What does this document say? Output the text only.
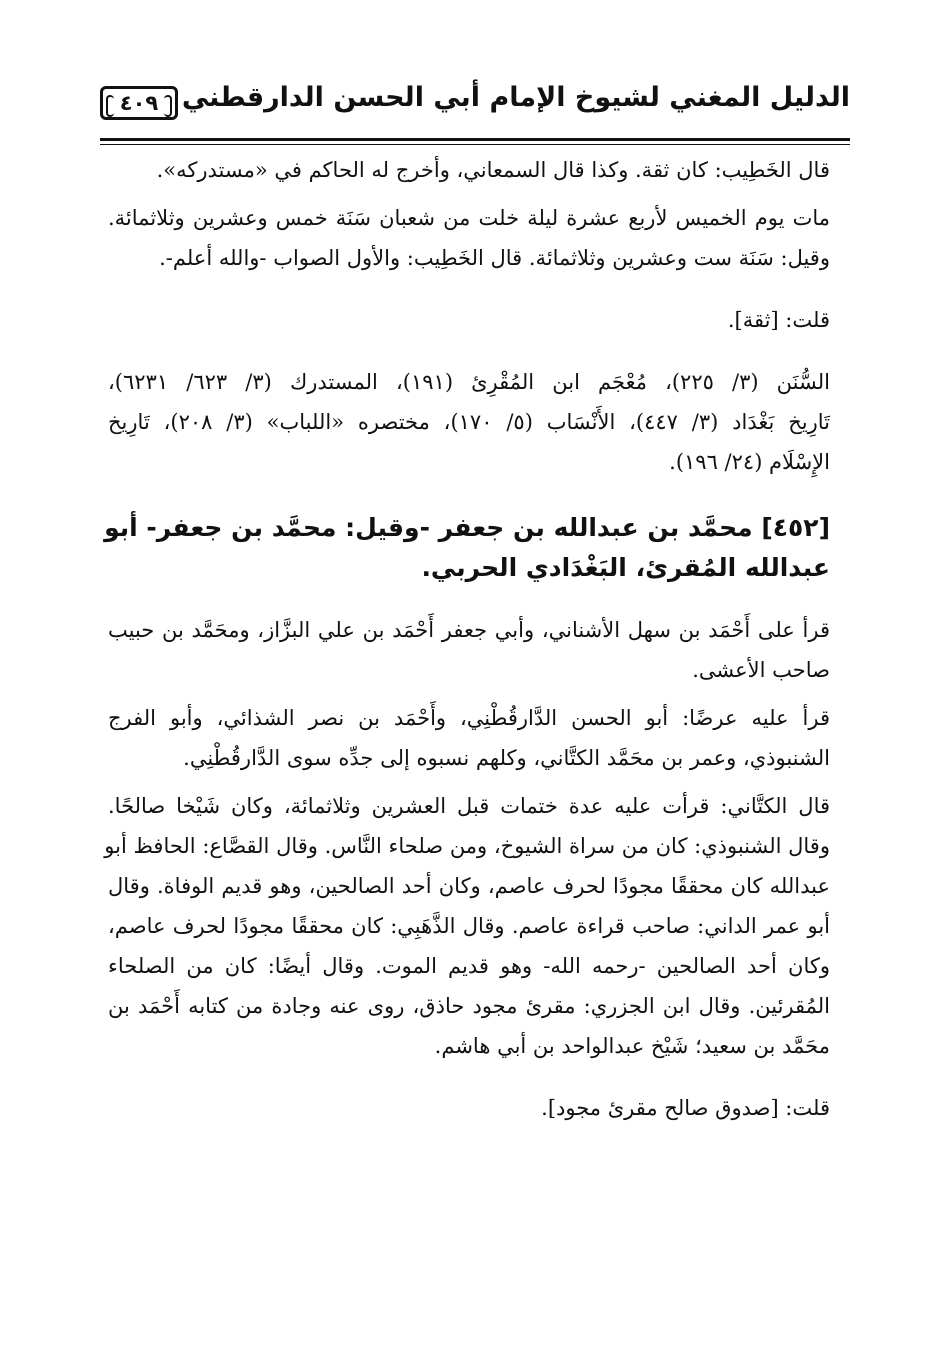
٤٠٩ الدليل المغني لشيوخ الإمام أبي الحسن الدارقطني

قال الخَطِيب: كان ثقة. وكذا قال السمعاني، وأخرج له الحاكم في «مستدركه».

مات يوم الخميس لأربع عشرة ليلة خلت من شعبان سَنَة خمس وعشرين وثلاثمائة.
وقيل: سَنَة ست وعشرين وثلاثمائة. قال الخَطِيب: والأول الصواب -والله أعلم-.

قلت: [ثقة].

السُّنَن (٣/ ٢٢٥)، مُعْجَم ابن المُقْرِئ (١٩١)، المستدرك (٣/ ٦٢٣/ ٦٢٣١)،
تَارِيخ بَغْدَاد (٣/ ٤٤٧)، الأَنْسَاب (٥/ ١٧٠)، مختصره «اللباب» (٣/ ٢٠٨)، تَارِيخ
الإِسْلَام (٢٤/ ١٩٦).

[٤٥٢] محمَّد بن عبدالله بن جعفر -وقيل: محمَّد بن جعفر- أبو
عبدالله المُقرئ، البَغْدَادي الحربي.

قرأ على أَحْمَد بن سهل الأشناني، وأبي جعفر أَحْمَد بن علي البزَّاز، ومحَمَّد بن حبيب
صاحب الأعشى.

قرأ عليه عرضًا: أبو الحسن الدَّارقُطْنِي، وأَحْمَد بن نصر الشذائي، وأبو الفرج
الشنبوذي، وعمر بن محَمَّد الكتَّاني، وكلهم نسبوه إلى جدِّه سوى الدَّارقُطْنِي.

قال الكتَّاني: قرأت عليه عدة ختمات قبل العشرين وثلاثمائة، وكان شَيْخا صالحًا.
وقال الشنبوذي: كان من سراة الشيوخ، ومن صلحاء النَّاس. وقال القصَّاع: الحافظ أبو
عبدالله كان محققًا مجودًا لحرف عاصم، وكان أحد الصالحين، وهو قديم الوفاة. وقال
أبو عمر الداني: صاحب قراءة عاصم. وقال الذَّهَبِي: كان محققًا مجودًا لحرف عاصم،
وكان أحد الصالحين -رحمه الله- وهو قديم الموت. وقال أيضًا: كان من الصلحاء
المُقرئين. وقال ابن الجزري: مقرئ مجود حاذق، روى عنه وجادة من كتابه أَحْمَد بن
محَمَّد بن سعيد؛ شَيْخ عبدالواحد بن أبي هاشم.

قلت: [صدوق صالح مقرئ مجود].
